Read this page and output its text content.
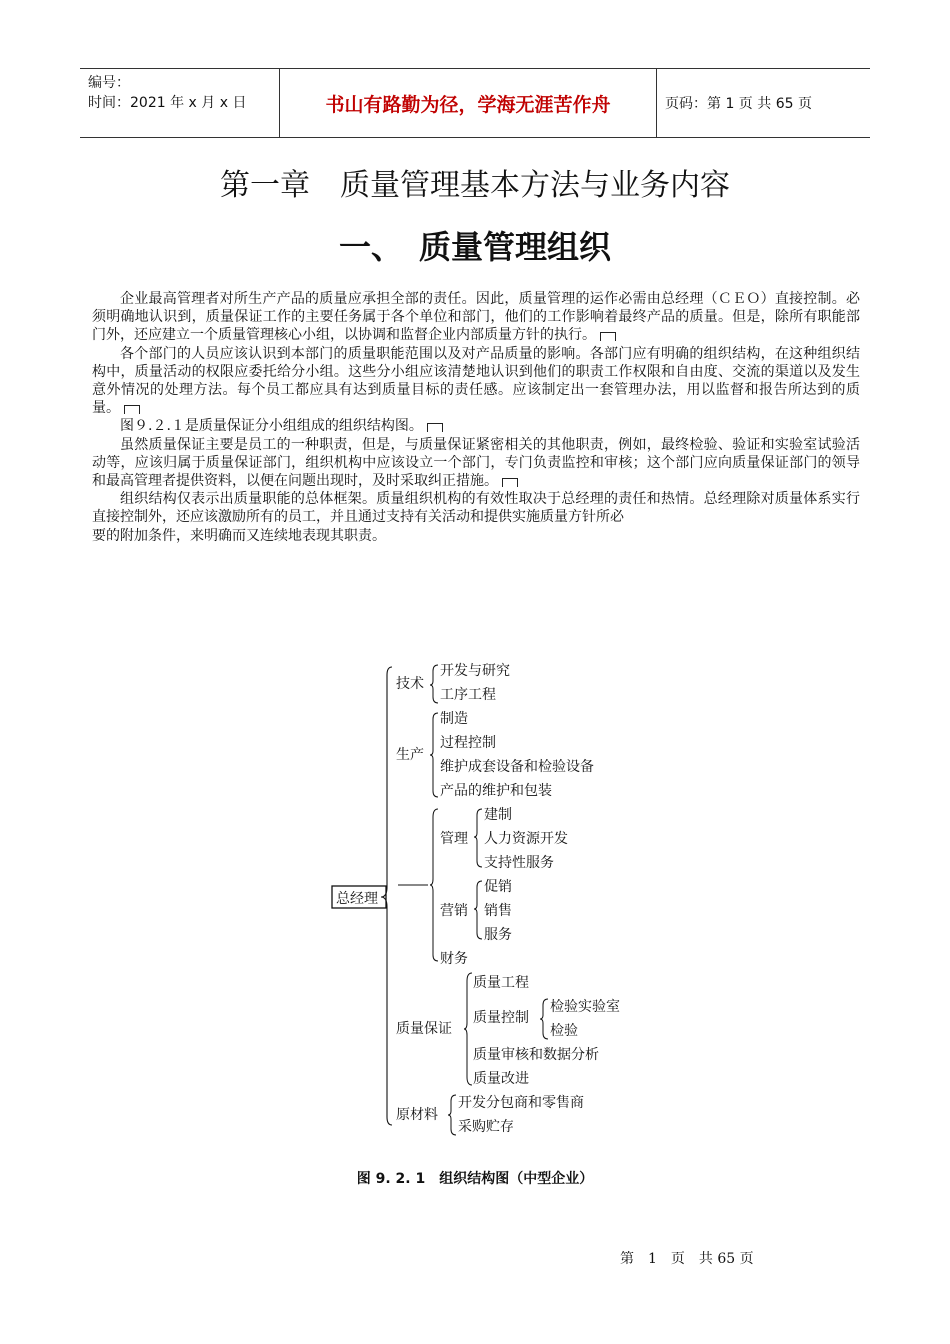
编号：
时间：2021 年 x 月 x 日	书山有路勤为径，学海无涯苦作舟	页码：第 1 页 共 65 页
第一章　质量管理基本方法与业务内容
一、　质量管理组织

企业最高管理者对所生产产品的质量应承担全部的责任。因此，质量管理的运作必需由总经理（ＣＥＯ）直接控制。必须明确地认识到，质量保证工作的主要任务属于各个单位和部门，他们的工作影响着最终产品的质量。但是，除所有职能部门外，还应建立一个质量管理核心小组，以协调和监督企业内部质量方针的执行。

各个部门的人员应该认识到本部门的质量职能范围以及对产品质量的影响。各部门应有明确的组织结构，在这种组织结构中，质量活动的权限应委托给分小组。这些分小组应该清楚地认识到他们的职责工作权限和自由度、交流的渠道以及发生意外情况的处理方法。每个员工都应具有达到质量目标的责任感。应该制定出一套管理办法，用以监督和报告所达到的质量。

图９.２.１是质量保证分小组组成的组织结构图。

虽然质量保证主要是员工的一种职责，但是，与质量保证紧密相关的其他职责，例如，最终检验、验证和实验室试验活动等，应该归属于质量保证部门，组织机构中应该设立一个部门，专门负责监控和审核；这个部门应向质量保证部门的领导和最高管理者提供资料，以便在问题出现时，及时采取纠正措施。

组织结构仅表示出质量职能的总体框架。质量组织机构的有效性取决于总经理的责任和热情。总经理除对质量体系实行直接控制外，还应该激励所有的员工，并且通过支持有关活动和提供实施质量方针所必

要的附加条件，来明确而又连续地表现其职责。

总经理
技术
开发与研究
工序工程
生产
制造
过程控制
维护成套设备和检验设备
产品的维护和包装
管理
建制
人力资源开发
支持性服务
营销
促销
销售
服务
财务
质量保证
质量工程
质量控制
检验实验室
检验
质量审核和数据分析
质量改进
原材料
开发分包商和零售商
采购贮存
图 9. 2. 1　组织结构图（中型企业）
第　1　页　共 65 页
